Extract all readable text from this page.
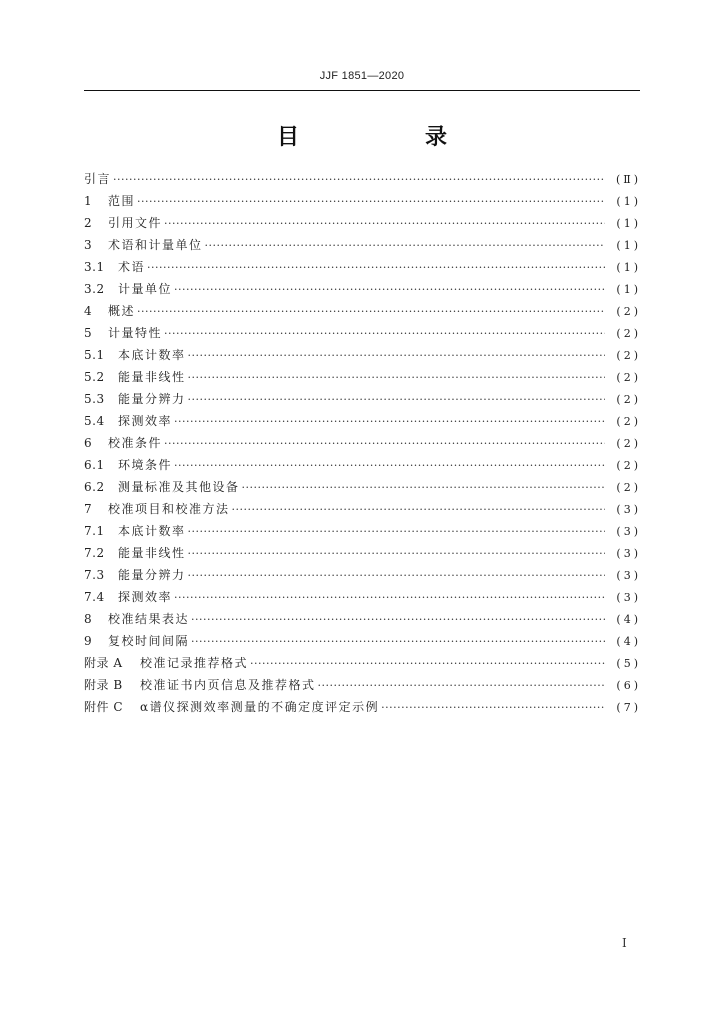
JJF 1851—2020
目　录
引言 ·····	(Ⅱ)
1	范围 ·····	(1)
2	引用文件 ·····	(1)
3	术语和计量单位 ·····	(1)
3.1	术语 ·····	(1)
3.2	计量单位 ·····	(1)
4	概述 ·····	(2)
5	计量特性 ·····	(2)
5.1	本底计数率 ·····	(2)
5.2	能量非线性 ·····	(2)
5.3	能量分辨力 ·····	(2)
5.4	探测效率 ·····	(2)
6	校准条件 ·····	(2)
6.1	环境条件 ·····	(2)
6.2	测量标准及其他设备 ·····	(2)
7	校准项目和校准方法 ·····	(3)
7.1	本底计数率 ·····	(3)
7.2	能量非线性 ·····	(3)
7.3	能量分辨力 ·····	(3)
7.4	探测效率 ·····	(3)
8	校准结果表达 ·····	(4)
9	复校时间间隔 ·····	(4)
附录 A	校准记录推荐格式 ·····	(5)
附录 B	校准证书内页信息及推荐格式 ·····	(6)
附件 C	α谱仪探测效率测量的不确定度评定示例 ·····	(7)
I
